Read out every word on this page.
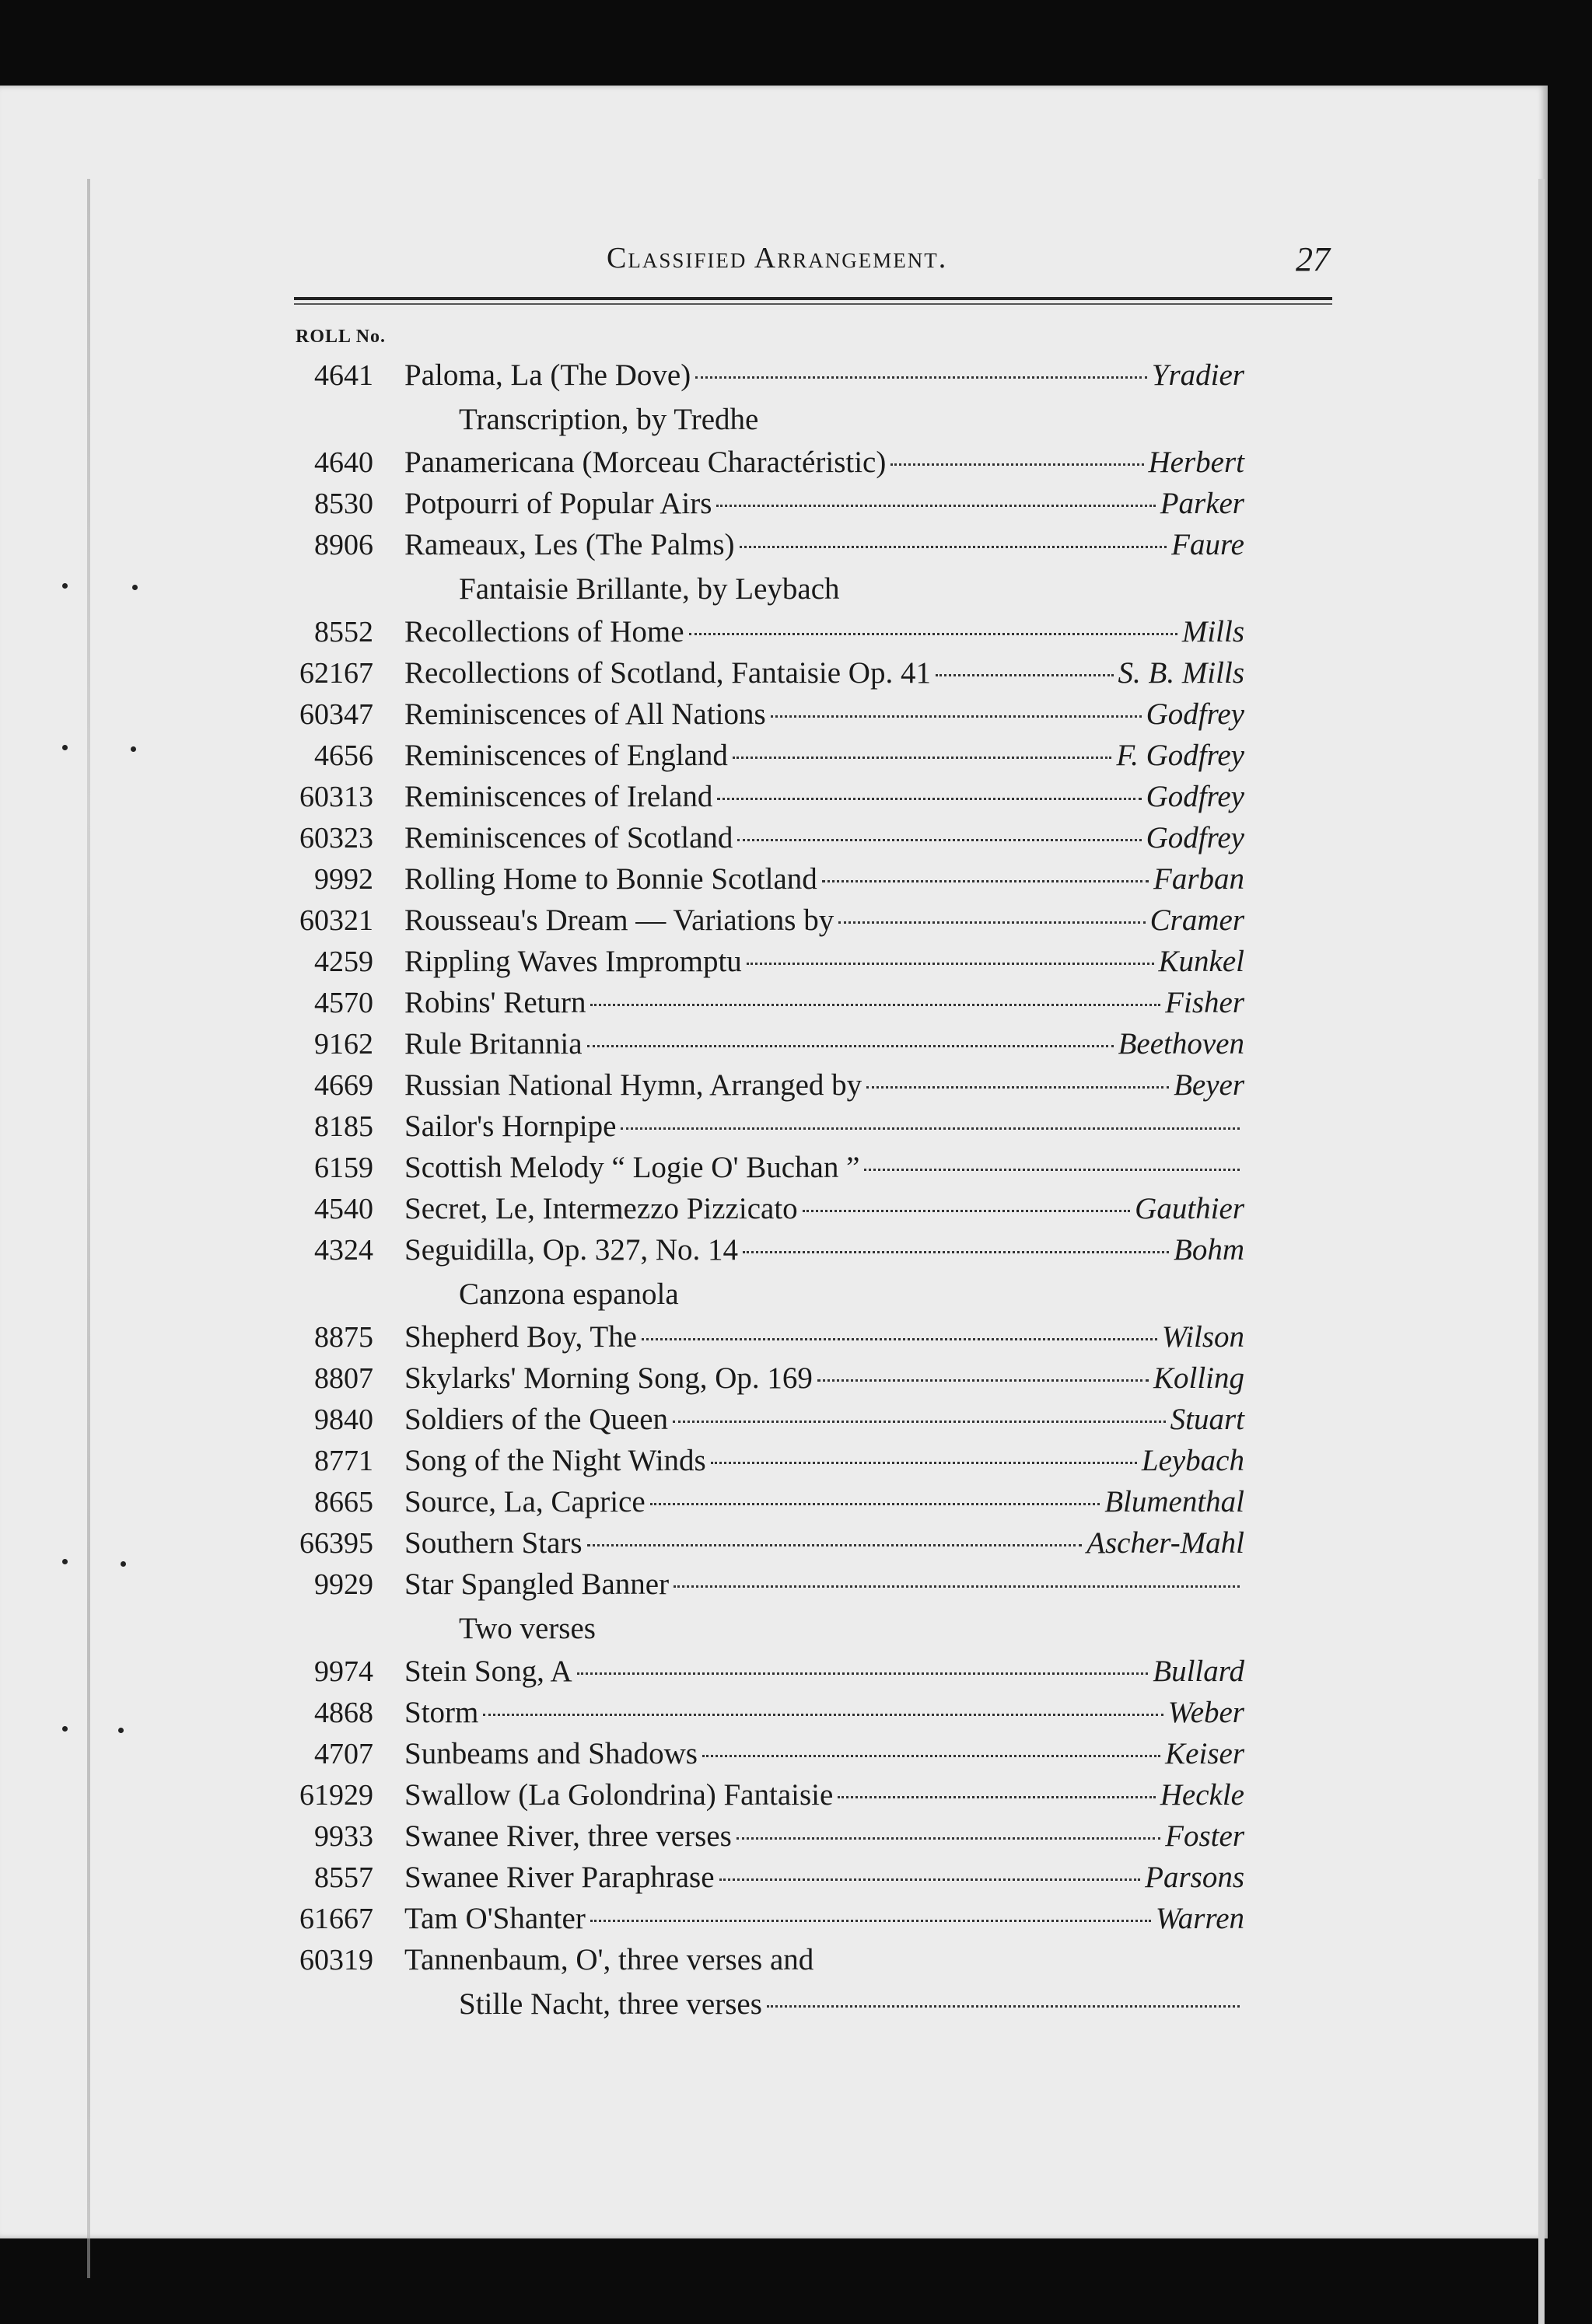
Classified Arrangement.	27
ROLL No.
4641	Paloma, La (The Dove)	Yradier
Transcription, by Tredhe
4640	Panamericana (Morceau Charactéristic)	Herbert
8530	Potpourri of Popular Airs	Parker
8906	Rameaux, Les (The Palms)	Faure
Fantaisie Brillante, by Leybach
8552	Recollections of Home	Mills
62167	Recollections of Scotland, Fantaisie Op. 41	S. B. Mills
60347	Reminiscences of All Nations	Godfrey
4656	Reminiscences of England	F. Godfrey
60313	Reminiscences of Ireland	Godfrey
60323	Reminiscences of Scotland	Godfrey
9992	Rolling Home to Bonnie Scotland	Farban
60321	Rousseau's Dream — Variations by	Cramer
4259	Rippling Waves Impromptu	Kunkel
4570	Robins' Return	Fisher
9162	Rule Britannia	Beethoven
4669	Russian National Hymn, Arranged by	Beyer
8185	Sailor's Hornpipe
6159	Scottish Melody “ Logie O' Buchan ”
4540	Secret, Le, Intermezzo Pizzicato	Gauthier
4324	Seguidilla, Op. 327, No. 14	Bohm
Canzona espanola
8875	Shepherd Boy, The	Wilson
8807	Skylarks' Morning Song, Op. 169	Kolling
9840	Soldiers of the Queen	Stuart
8771	Song of the Night Winds	Leybach
8665	Source, La, Caprice	Blumenthal
66395	Southern Stars	Ascher-Mahl
9929	Star Spangled Banner
Two verses
9974	Stein Song, A	Bullard
4868	Storm	Weber
4707	Sunbeams and Shadows	Keiser
61929	Swallow (La Golondrina) Fantaisie	Heckle
9933	Swanee River, three verses	Foster
8557	Swanee River Paraphrase	Parsons
61667	Tam O'Shanter	Warren
60319	Tannenbaum, O', three verses and
Stille Nacht, three verses
